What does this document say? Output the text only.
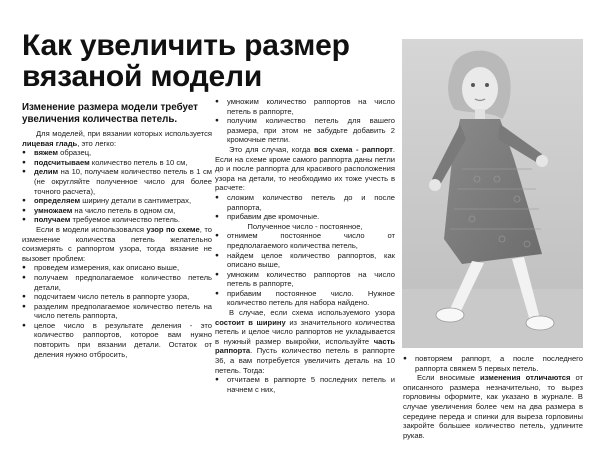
Как увеличить размер вязаной модели
Изменение размера модели требует увеличения количества петель.

Для моделей, при вязании которых используется лицевая гладь, это легко:

● вяжем образец,

● подсчитываем количество петель в 10 см,

● делим на 10, получаем количество петель в 1 см (не округляйте полученное число для более точного расчета),

● определяем ширину детали в сантиметрах,

● умножаем на число петель в одном см,

● получаем требуемое количество петель.

Если в модели использовался узор по схеме, то изменение количества петель желательно соизмерять с раппортом узора, тогда вязание не вызовет проблем:

● проведем измерения, как описано выше,

● получаем предполагаемое количество петель детали,

● подсчитаем число петель в раппорте узора,

● разделим предполагаемое количество петель на число петель раппорта,

● целое число в результате деления - это количество раппортов, которое вам нужно повторить при вязании детали. Остаток от деления нужно отбросить,

● умножим количество раппортов на число петель в раппорте,

● получим количество петель для вашего размера, при этом не забудьте добавить 2 кромочные петли.

Это для случая, когда вся схема - раппорт. Если на схеме кроме самого раппорта даны петли до и после раппорта для красивого расположения узора на детали, то необходимо их тоже учесть в расчете:

● сложим количество петель до и после раппорта,

● прибавим две кромочные.

Полученное число - постоянное,

● отнимем постоянное число от предполагаемого количества петель,

● найдем целое количество раппортов, как описано выше,

● умножим количество раппортов на число петель в раппорте,

● прибавим постоянное число. Нужное количество петель для набора найдено.

В случае, если схема используемого узора состоит в ширину из значительного количества петель и целое число раппортов не укладывается в нужный размер выкройки, используйте часть раппорта. Пусть количество петель в раппорте 36, а вам потребуется увеличить деталь на 10 петель. Тогда:

● отчитаем в раппорте 5 последних петель и начнем с них,

● повторяем раппорт, а после последнего раппорта свяжем 5 первых петель.

Если вносимые изменения отличаются от описанного размера незначительно, то вырез горловины оформите, как указано в журнале. В случае увеличения более чем на два размера в середине переда и спинки для выреза горловины закройте большее количество петель, удлините рукав.
